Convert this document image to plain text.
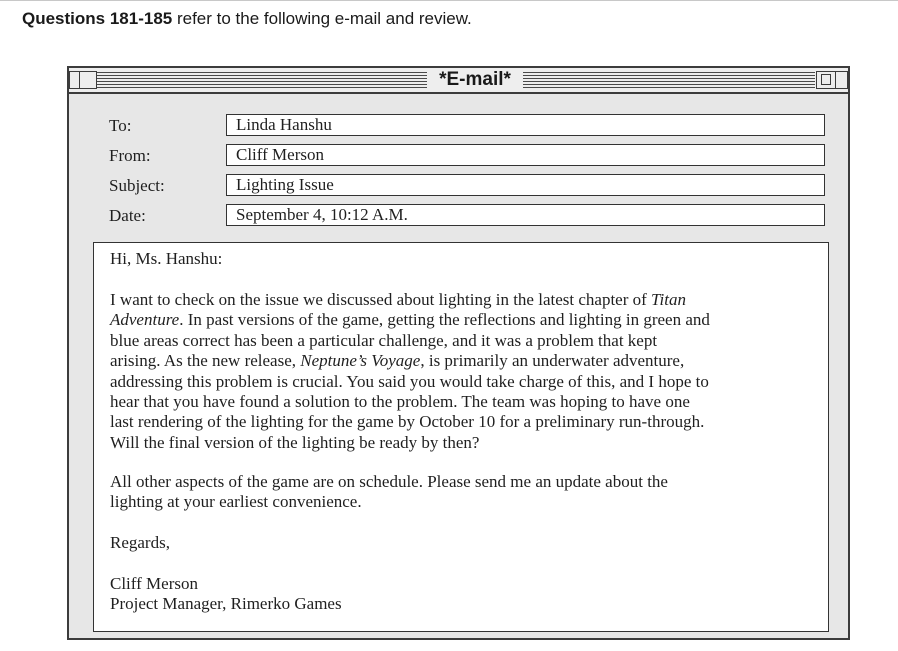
Questions 181-185 refer to the following e-mail and review.
*E-mail*
To:	Linda Hanshu
From:	Cliff Merson
Subject:	Lighting Issue
Date:	September 4, 10:12 A.M.
Hi, Ms. Hanshu:
I want to check on the issue we discussed about lighting in the latest chapter of Titan
Adventure. In past versions of the game, getting the reflections and lighting in green and
blue areas correct has been a particular challenge, and it was a problem that kept
arising. As the new release, Neptune’s Voyage, is primarily an underwater adventure,
addressing this problem is crucial. You said you would take charge of this, and I hope to
hear that you have found a solution to the problem. The team was hoping to have one
last rendering of the lighting for the game by October 10 for a preliminary run-through.
Will the final version of the lighting be ready by then?
All other aspects of the game are on schedule. Please send me an update about the
lighting at your earliest convenience.
Regards,
Cliff Merson
Project Manager, Rimerko Games
